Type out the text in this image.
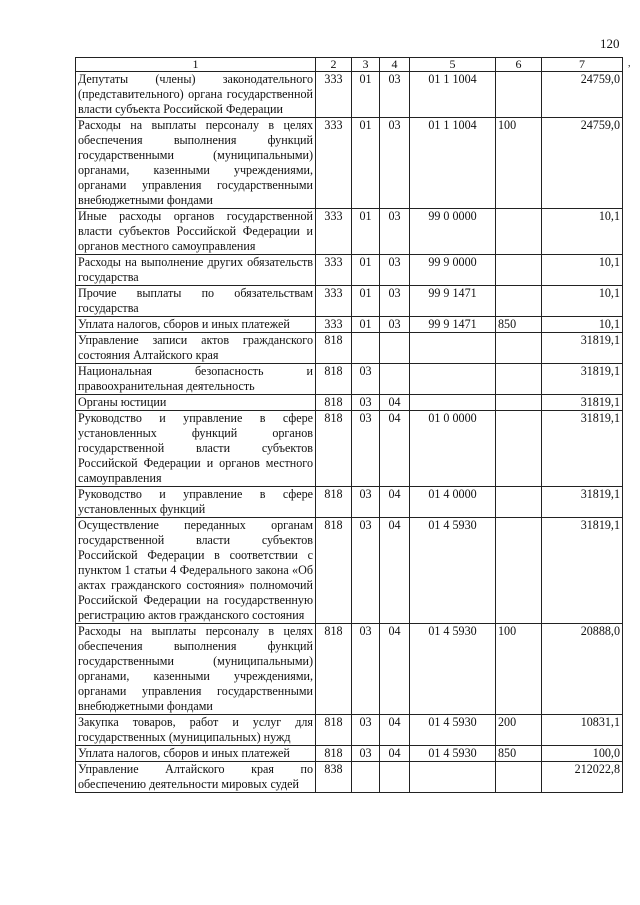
120
,
1	2	3	4	5	6	7
Депутаты (члены) законодательного (представительного) органа государственной власти субъекта Российской Федерации	333	01	03	01 1 1004		24759,0
Расходы на выплаты персоналу в целях обеспечения выполнения функций государственными (муниципальными) органами, казенными учреждениями, органами управления государственными внебюджетными фондами	333	01	03	01 1 1004	100	24759,0
Иные расходы органов государственной власти субъектов Российской Федерации и органов местного самоуправления	333	01	03	99 0 0000		10,1
Расходы на выполнение других обязательств государства	333	01	03	99 9 0000		10,1
Прочие выплаты по обязательствам государства	333	01	03	99 9 1471		10,1
Уплата налогов, сборов и иных платежей	333	01	03	99 9 1471	850	10,1
Управление записи актов гражданского состояния Алтайского края	818					31819,1
Национальная безопасность и правоохранительная деятельность	818	03				31819,1
Органы юстиции	818	03	04			31819,1
Руководство и управление в сфере установленных функций органов государственной власти субъектов Российской Федерации и органов местного самоуправления	818	03	04	01 0 0000		31819,1
Руководство и управление в сфере установленных функций	818	03	04	01 4 0000		31819,1
Осуществление переданных органам государственной власти субъектов Российской Федерации в соответствии с пунктом 1 статьи 4 Федерального закона «Об актах гражданского состояния» полномочий Российской Федерации на государственную регистрацию актов гражданского состояния	818	03	04	01 4 5930		31819,1
Расходы на выплаты персоналу в целях обеспечения выполнения функций государственными (муниципальными) органами, казенными учреждениями, органами управления государственными внебюджетными фондами	818	03	04	01 4 5930	100	20888,0
Закупка товаров, работ и услуг для государственных (муниципальных) нужд	818	03	04	01 4 5930	200	10831,1
Уплата налогов, сборов и иных платежей	818	03	04	01 4 5930	850	100,0
Управление Алтайского края по обеспечению деятельности мировых судей	838					212022,8
